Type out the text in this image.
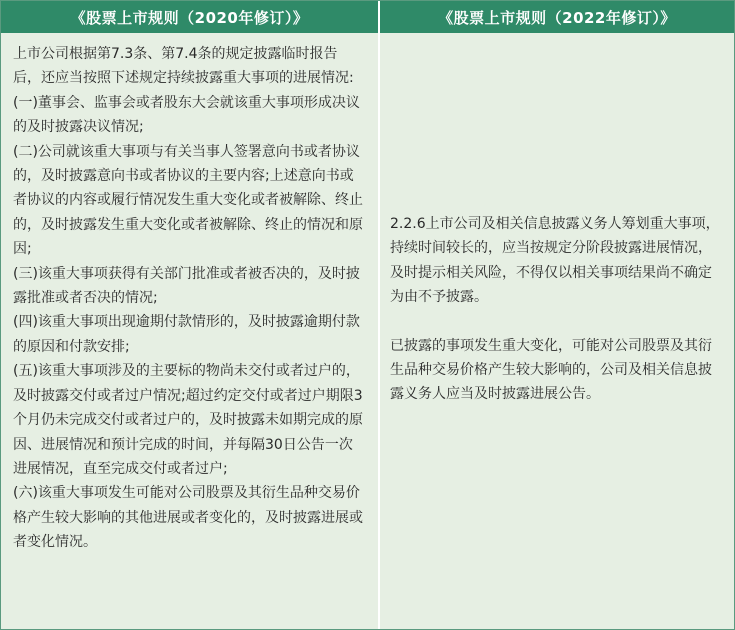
《股票上市规则（2020年修订）》	《股票上市规则（2022年修订）》

上市公司根据第7.3条、第7.4条的规定披露临时报告后，还应当按照下述规定持续披露重大事项的进展情况:

(一)董事会、监事会或者股东大会就该重大事项形成决议的及时披露决议情况;

(二)公司就该重大事项与有关当事人签署意向书或者协议的，及时披露意向书或者协议的主要内容;上述意向书或者协议的内容或履行情况发生重大变化或者被解除、终止的，及时披露发生重大变化或者被解除、终止的情况和原因;

(三)该重大事项获得有关部门批准或者被否决的，及时披露批准或者否决的情况;

(四)该重大事项出现逾期付款情形的，及时披露逾期付款的原因和付款安排;

(五)该重大事项涉及的主要标的物尚未交付或者过户的，及时披露交付或者过户情况;超过约定交付或者过户期限3个月仍未完成交付或者过户的，及时披露未如期完成的原因、进展情况和预计完成的时间，并每隔30日公告一次进展情况，直至完成交付或者过户;

(六)该重大事项发生可能对公司股票及其衍生品种交易价格产生较大影响的其他进展或者变化的，及时披露进展或者变化情况。

2.2.6上市公司及相关信息披露义务人筹划重大事项，持续时间较长的，应当按规定分阶段披露进展情况，及时提示相关风险，不得仅以相关事项结果尚不确定为由不予披露。

已披露的事项发生重大变化，可能对公司股票及其衍生品种交易价格产生较大影响的，公司及相关信息披露义务人应当及时披露进展公告。
